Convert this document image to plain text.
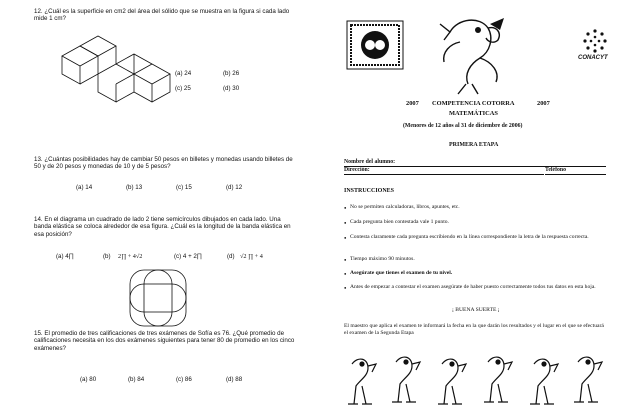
12. ¿Cuál es la superficie en cm2 del área del sólido que se muestra en la figura si cada lado mide 1 cm?
(a) 24	(b) 26
(c) 25	(d) 30
13. ¿Cuántas posibilidades hay de cambiar 50 pesos en billetes y monedas usando billetes de 50 y de 20 pesos y monedas de 10 y de 5 pesos?
(a) 14	(b) 13	(c) 15	(d) 12
14. En el diagrama un cuadrado de lado 2 tiene semicírculos dibujados en cada lado. Una banda elástica se coloca alrededor de esa figura. ¿Cuál es la longitud de la banda elástica en esa posición?
(a) 4∏	(b) 2∏ + 4√2	(c) 4 + 2∏	(d) √2 ∏ + 4
15. El promedio de tres calificaciones de tres exámenes de Sofía es 76. ¿Qué promedio de calificaciones necesita en los dos exámenes siguientes para tener 80 de promedio en los cinco exámenes?
(a) 80	(b) 84	(c) 86	(d) 88
CONACYT
2007 COMPETENCIA COTORRA	2007
MATEMÁTICAS
(Menores de 12 años al 31 de diciembre de 2006)
PRIMERA ETAPA
Nombre del alumno:
Dirección:	Teléfono
INSTRUCCIONES
● No se permiten calculadoras, libros, apuntes, etc.
● Cada pregunta bien contestada vale 1 punto.
● Contesta claramente cada pregunta escribiendo en la línea correspondiente la letra de la respuesta correcta.
● Tiempo máximo 90 minutos.
● Asegúrate que tienes el examen de tu nivel.
● Antes de empezar a contestar el examen asegúrate de haber puesto correctamente todos tus datos en esta hoja.
¡ BUENA SUERTE ¡
El maestro que aplica el examen te informará la fecha en la que darán los resultados y el lugar en el que se efectuará el examen de la Segunda Etapa
